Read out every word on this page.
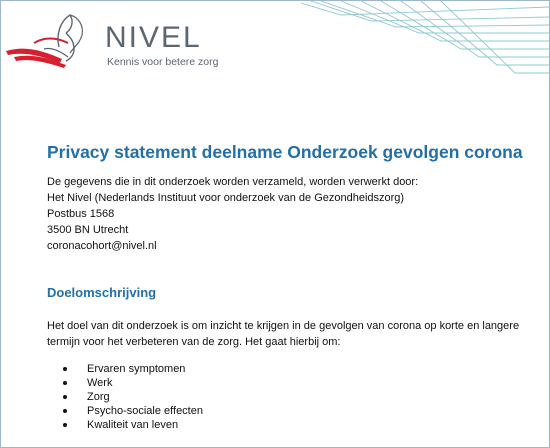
NIVEL
Kennis voor betere zorg
Privacy statement deelname Onderzoek gevolgen corona
De gegevens die in dit onderzoek worden verzameld, worden verwerkt door:
Het Nivel (Nederlands Instituut voor onderzoek van de Gezondheidszorg)
Postbus 1568
3500 BN Utrecht
coronacohort@nivel.nl
Doelomschrijving
Het doel van dit onderzoek is om inzicht te krijgen in de gevolgen van corona op korte en langere
termijn voor het verbeteren van de zorg. Het gaat hierbij om:
Ervaren symptomen
Werk
Zorg
Psycho-sociale effecten
Kwaliteit van leven
